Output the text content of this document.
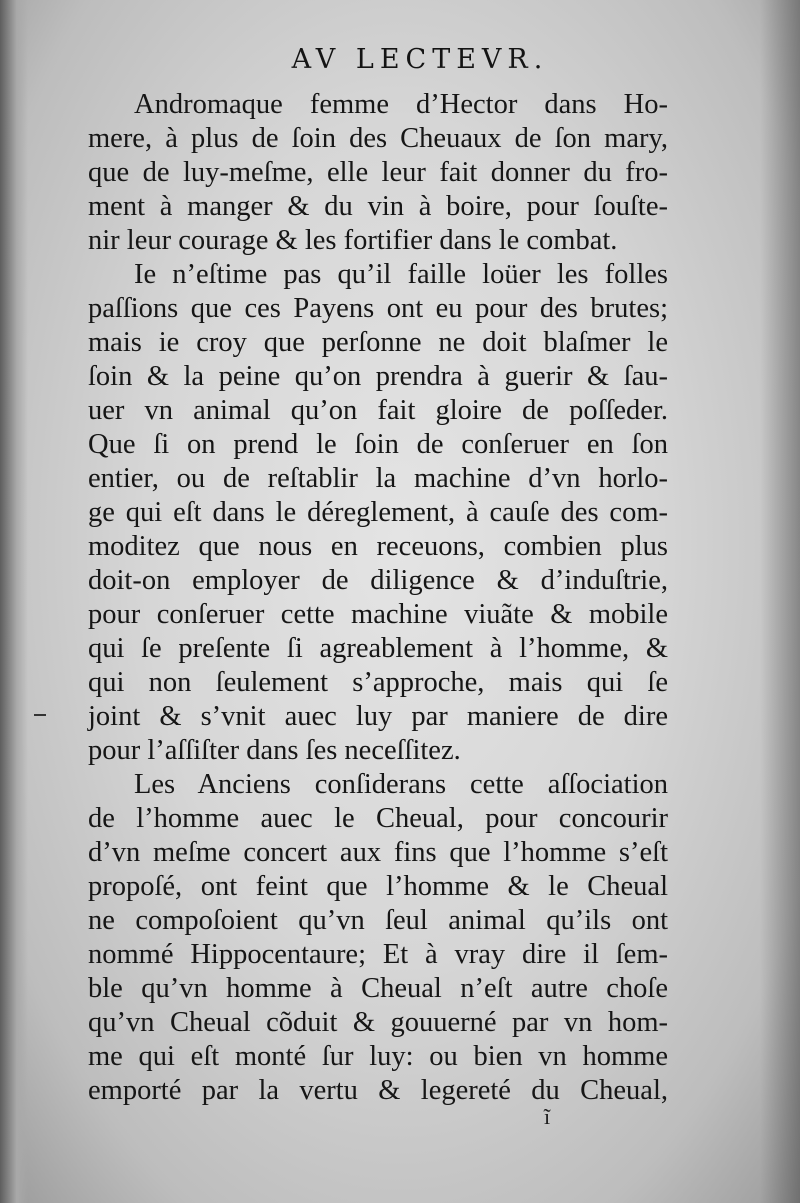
AV LECTEVR.
Andromaque femme d’Hector dans Ho-
mere, à plus de ſoin des Cheuaux de ſon mary,
que de luy-meſme, elle leur fait donner du fro-
ment à manger & du vin à boire, pour ſouſte-
nir leur courage & les fortifier dans le combat.
Ie n’eſtime pas qu’il faille loüer les folles
paſſions que ces Payens ont eu pour des brutes;
mais ie croy que perſonne ne doit blaſmer le
ſoin & la peine qu’on prendra à guerir & ſau-
uer vn animal qu’on fait gloire de poſſeder.
Que ſi on prend le ſoin de conſeruer en ſon
entier, ou de reſtablir la machine d’vn horlo-
ge qui eſt dans le déreglement, à cauſe des com-
moditez que nous en receuons, combien plus
doit-on employer de diligence & d’induſtrie,
pour conſeruer cette machine viuãte & mobile
qui ſe preſente ſi agreablement à l’homme, &
qui non ſeulement s’approche, mais qui ſe
joint & s’vnit auec luy par maniere de dire
pour l’aſſiſter dans ſes neceſſitez.
Les Anciens conſiderans cette aſſociation
de l’homme auec le Cheual, pour concourir
d’vn meſme concert aux fins que l’homme s’eſt
propoſé, ont feint que l’homme & le Cheual
ne compoſoient qu’vn ſeul animal qu’ils ont
nommé Hippocentaure; Et à vray dire il ſem-
ble qu’vn homme à Cheual n’eſt autre choſe
qu’vn Cheual cõduit & gouuerné par vn hom-
me qui eſt monté ſur luy: ou bien vn homme
emporté par la vertu & legereté du Cheual,
ĩ
